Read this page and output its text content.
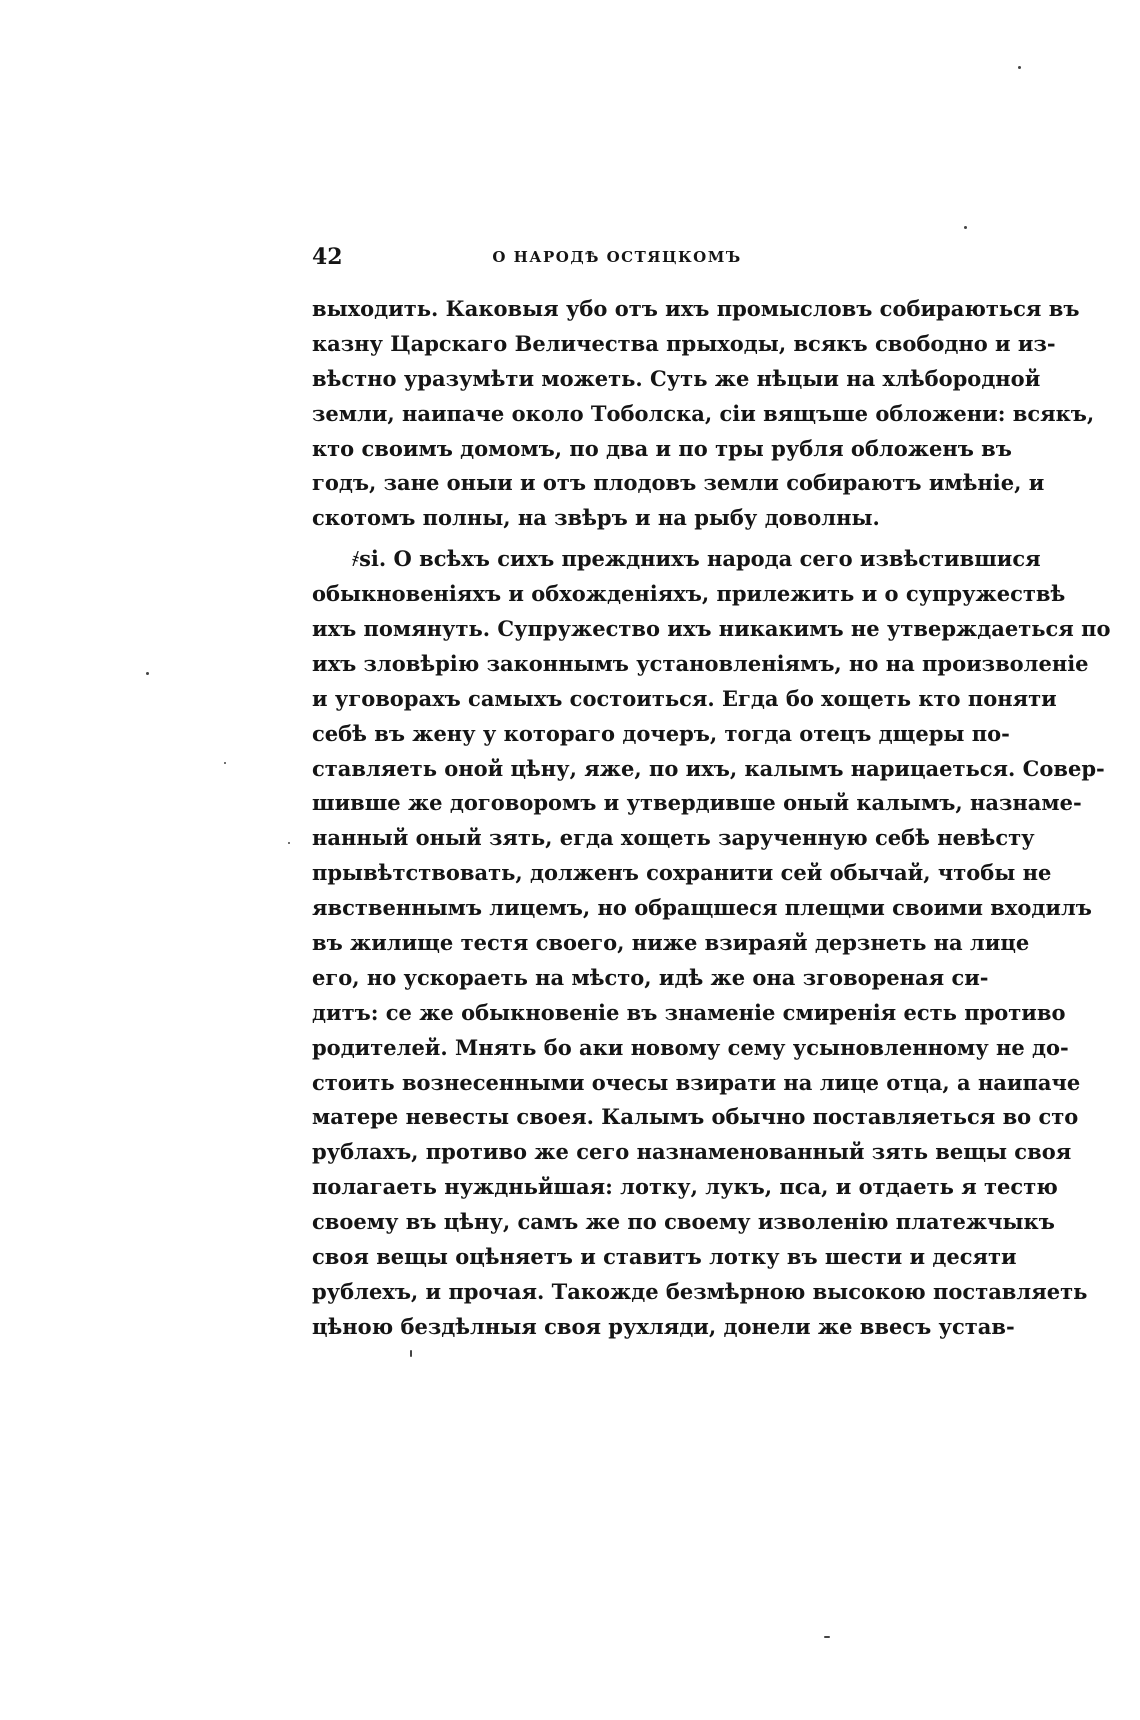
42	О НАРОДѢ ОСТЯЦКОМЪ
выходить. Каковыя убо отъ ихъ промысловъ собираються въ
казну Царскаго Величества прыходы, всякъ свободно и из-
вѣстно уразумѣти можеть. Суть же нѣцыи на хлѣбородной
земли, наипаче около Тоболска, сіи вящъше обложени: всякъ,
кто своимъ домомъ, по два и по тры рубля обложенъ въ
годъ, зане оныи и отъ плодовъ земли собираютъ имѣніе, и
скотомъ полны, на звѣръ и на рыбу доволны.
҂ѕі. О всѣхъ сихъ прежднихъ народа сего извѣстившися
обыкновеніяхъ и обхожденіяхъ, прилежить и о супружествѣ
ихъ помянуть. Супружество ихъ никакимъ не утверждаеться по
ихъ зловѣрію законнымъ установленіямъ, но на произволеніе
и уговорахъ самыхъ состоиться. Егда бо хощеть кто поняти
себѣ въ жену у котораго дочеръ, тогда отецъ дщеры по-
ставляеть оной цѣну, яже, по ихъ, калымъ нарицаеться. Совер-
шивше же договоромъ и утвердивше оный калымъ, назнаме-
нанный оный зять, егда хощеть зарученную себѣ невѣсту
прывѣтствовать, долженъ сохранити сей обычай, чтобы не
явственнымъ лицемъ, но обращшеся плещми своими входилъ
въ жилище тестя своего, ниже взираяй дерзнеть на лице
его, но ускораеть на мѣсто, идѣ же она зговореная си-
дитъ: се же обыкновеніе въ знаменіе смиренія есть противо
родителей. Мнять бо аки новому сему усыновленному не до-
стоить вознесенными очесы взирати на лице отца, а наипаче
матере невесты своея. Калымъ обычно поставляеться во сто
рублахъ, противо же сего назнаменованный зять вещы своя
полагаеть нуждньйшая: лотку, лукъ, пса, и отдаеть я тестю
своему въ цѣну, самъ же по своему изволенію платежчыкъ
своя вещы оцѣняетъ и ставитъ лотку въ шести и десяти
рублехъ, и прочая. Такожде безмѣрною высокою поставляеть
цѣною бездѣлныя своя рухляди, донели же ввесъ устав-
